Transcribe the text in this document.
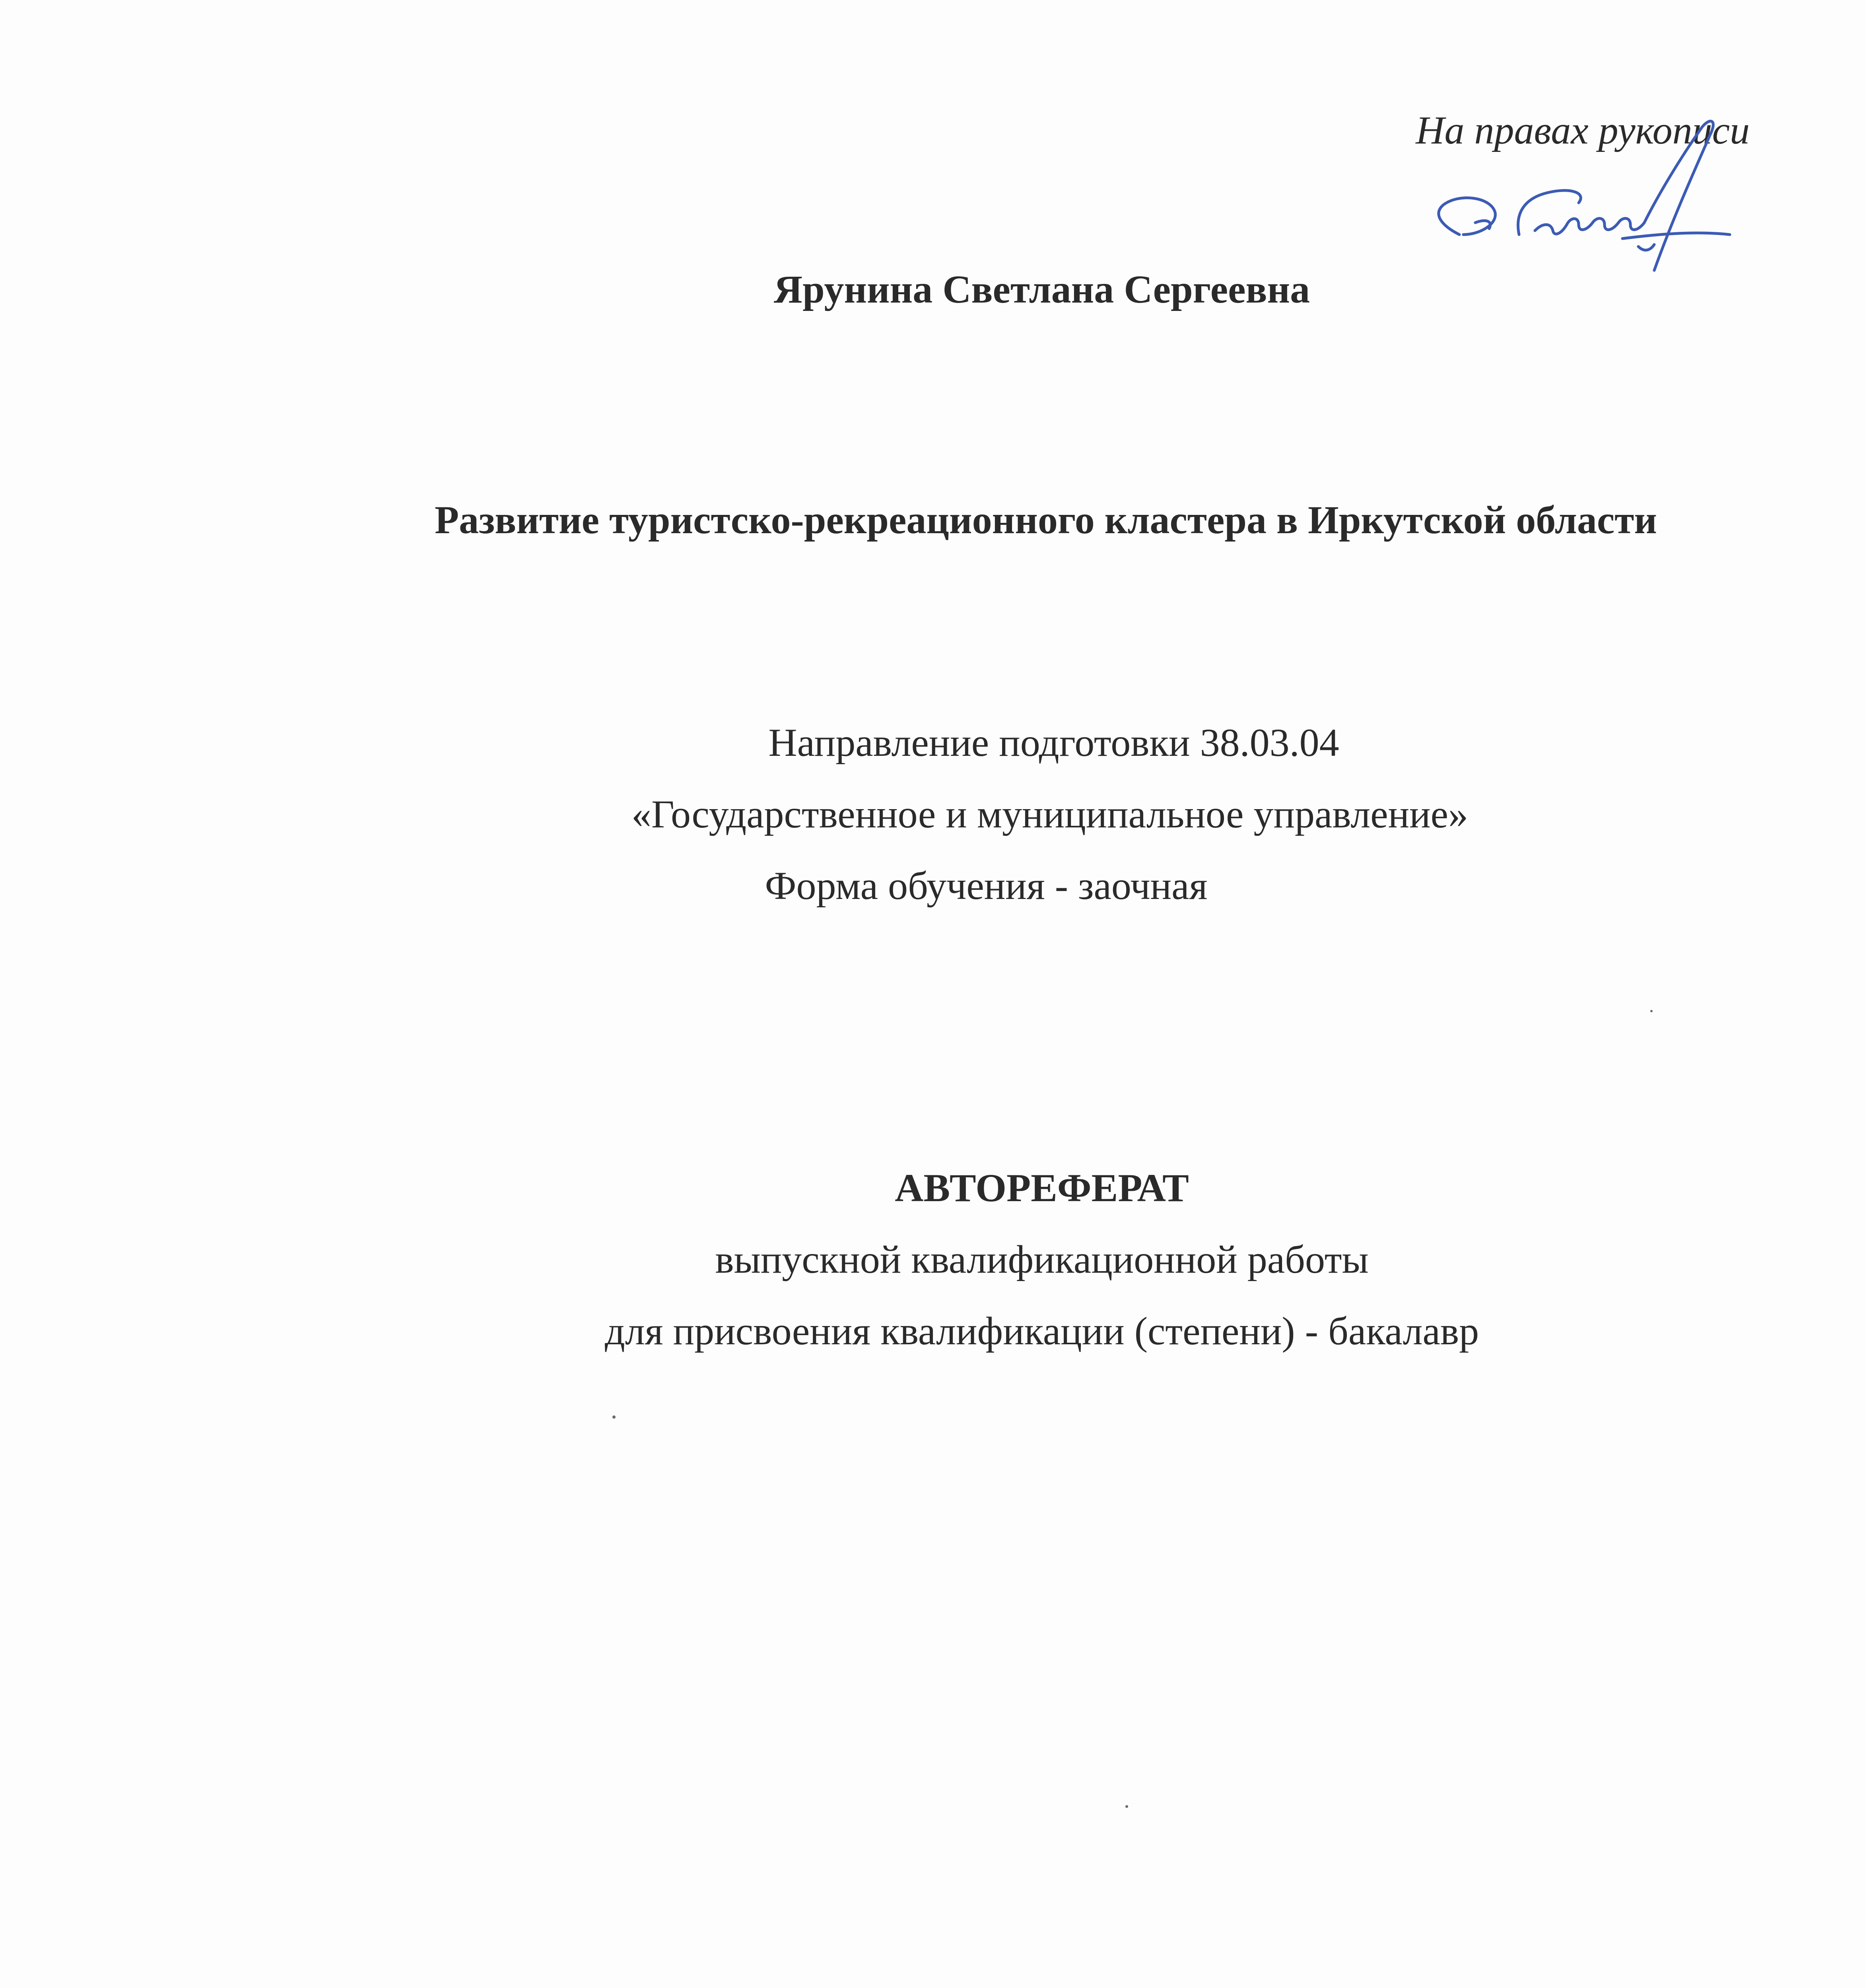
На правах рукописи
Ярунина Светлана Сергеевна
Развитие туристско-рекреационного кластера в Иркутской области
Направление подготовки 38.03.04
«Государственное и муниципальное управление»
Форма обучения - заочная
АВТОРЕФЕРАТ
выпускной квалификационной работы
для присвоения квалификации (степени) - бакалавр
